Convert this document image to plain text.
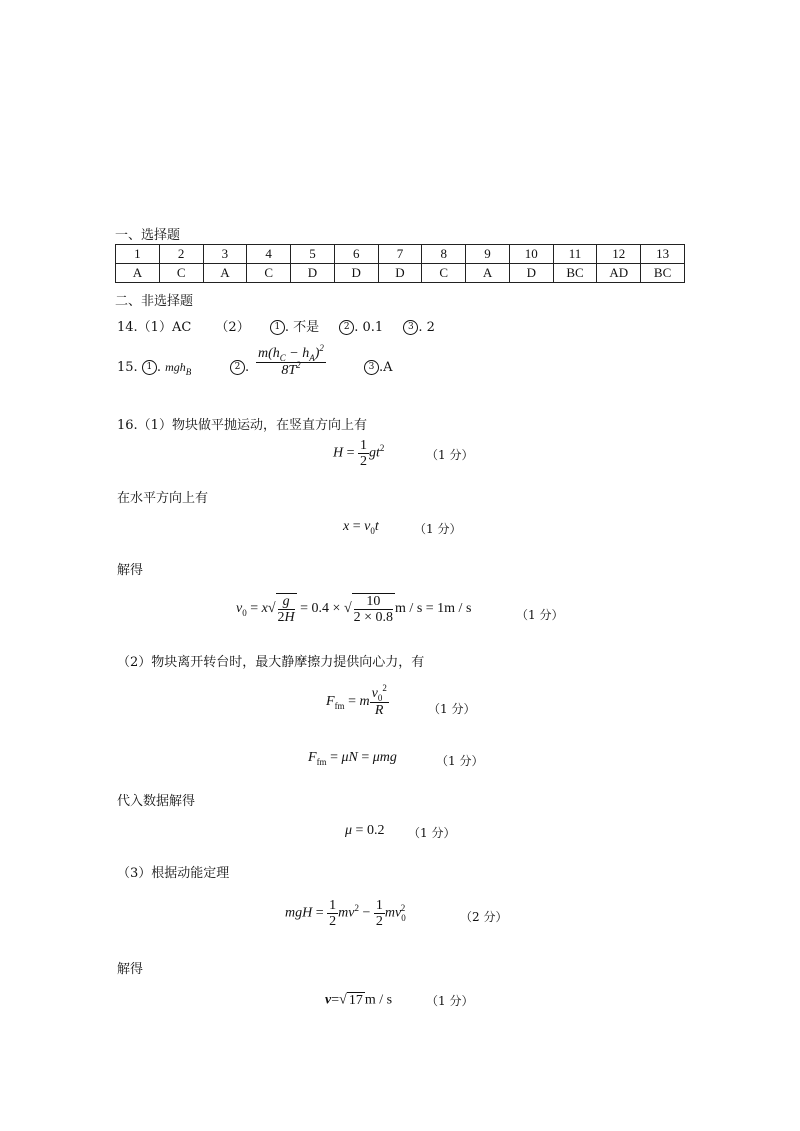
一、选择题
1	2	3	4	5	6	7	8	9	10	11	12	13
A	C	A	C	D	D	D	C	A	D	BC	AD	BC
二、非选择题
14.（1）AC （2）	1 . 不是	2 . 0.1	3 . 2
15. 1 . mgh$_B$	2 . $\frac{m(h_C - h_A)^2}{8T^2}$	3 .A
16.（1）物块做平抛运动，在竖直方向上有
$H = \frac{1}{2} gt^2$
（1 分）
在水平方向上有
$x = v_0t$	（1 分）
解得
$v_0 = x√ \frac{g}{2H} = 0.4$ × √ $\frac{10}{2 \times 0.8}$ m / s = 1m / s	（1 分）
（2）物块离开转台时，最大静摩擦力提供向心力，有
$F_{fm} = m \frac{v_0^2}{R}$	（1 分）
$F_{fm} = \mu N = \mu mg$	（1 分）
代入数据解得
μ = 0.2 （1 分）
（3）根据动能定理
mgH = $\frac{1}{2} mv^2 - \frac{1}{2} mv_0^2$
（2 分）
解得
v=√ 17 m / s	（1 分）
